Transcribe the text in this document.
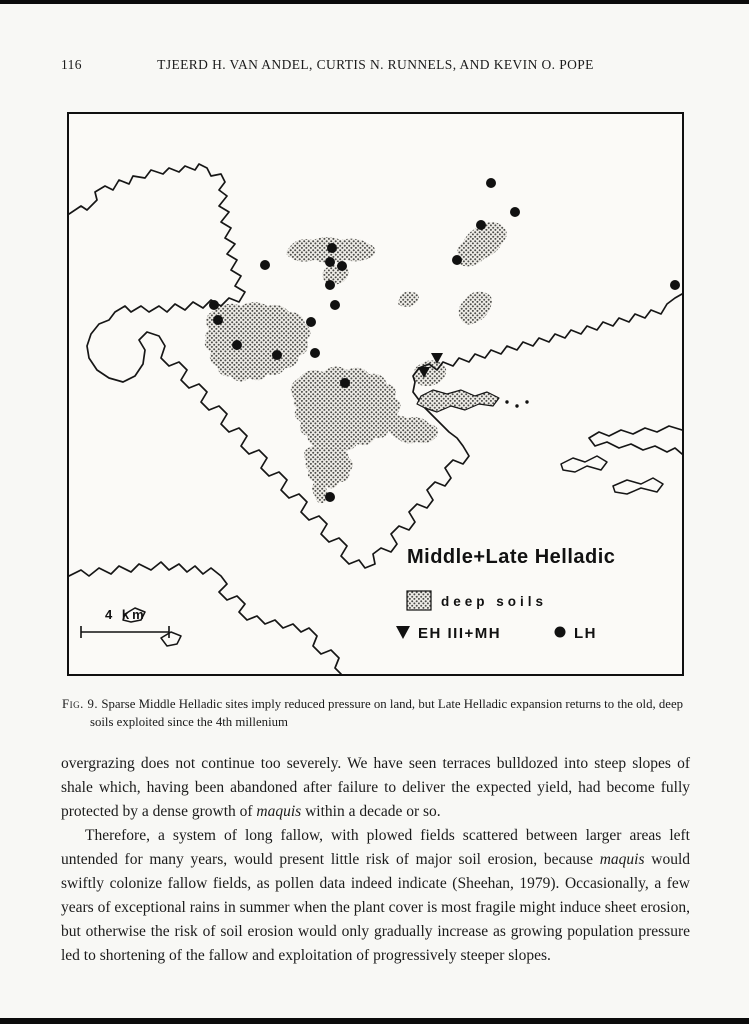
116	TJEERD H. VAN ANDEL, CURTIS N. RUNNELS, AND KEVIN O. POPE
Middle+Late Helladic
deep soils
EH III+MH	LH
4 km
Fig. 9. Sparse Middle Helladic sites imply reduced pressure on land, but Late Helladic expansion returns to the old, deep soils exploited since the 4th millenium

overgrazing does not continue too severely. We have seen terraces bulldozed into steep slopes of shale which, having been abandoned after failure to deliver the expected yield, had become fully protected by a dense growth of maquis within a decade or so.

Therefore, a system of long fallow, with plowed fields scattered between larger areas left untended for many years, would present little risk of major soil erosion, because maquis would swiftly colonize fallow fields, as pollen data indeed indicate (Sheehan, 1979). Occasionally, a few years of exceptional rains in summer when the plant cover is most fragile might induce sheet erosion, but otherwise the risk of soil erosion would only gradually increase as growing population pressure led to shortening of the fallow and exploitation of progressively steeper slopes.
